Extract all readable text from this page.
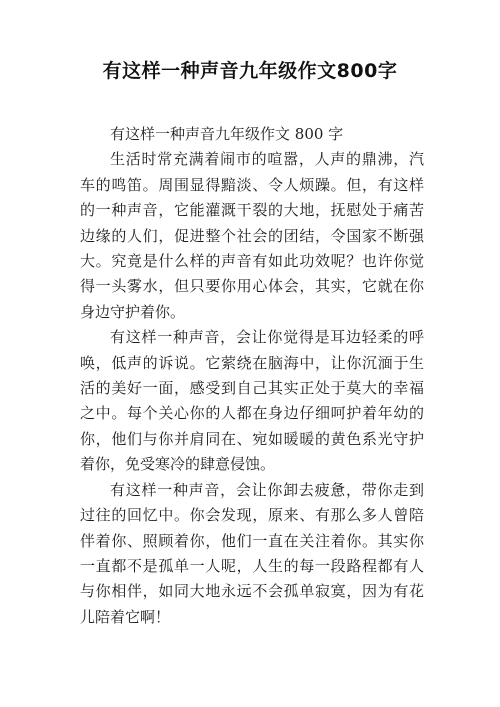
有这样一种声音九年级作文800字

有这样一种声音九年级作文 800 字

生活时常充满着闹市的喧嚣，人声的鼎沸，汽车的鸣笛。周围显得黯淡、令人烦躁。但，有这样的一种声音，它能灌溉干裂的大地，抚慰处于痛苦边缘的人们，促进整个社会的团结，令国家不断强大。究竟是什么样的声音有如此功效呢？也许你觉得一头雾水，但只要你用心体会，其实，它就在你身边守护着你。

有这样一种声音，会让你觉得是耳边轻柔的呼唤，低声的诉说。它萦绕在脑海中，让你沉湎于生活的美好一面，感受到自己其实正处于莫大的幸福之中。每个关心你的人都在身边仔细呵护着年幼的你，他们与你并肩同在、宛如暖暖的黄色系光守护着你，免受寒冷的肆意侵蚀。

有这样一种声音，会让你卸去疲惫，带你走到过往的回忆中。你会发现，原来、有那么多人曾陪伴着你、照顾着你，他们一直在关注着你。其实你一直都不是孤单一人呢，人生的每一段路程都有人与你相伴，如同大地永远不会孤单寂寞，因为有花儿陪着它啊！
